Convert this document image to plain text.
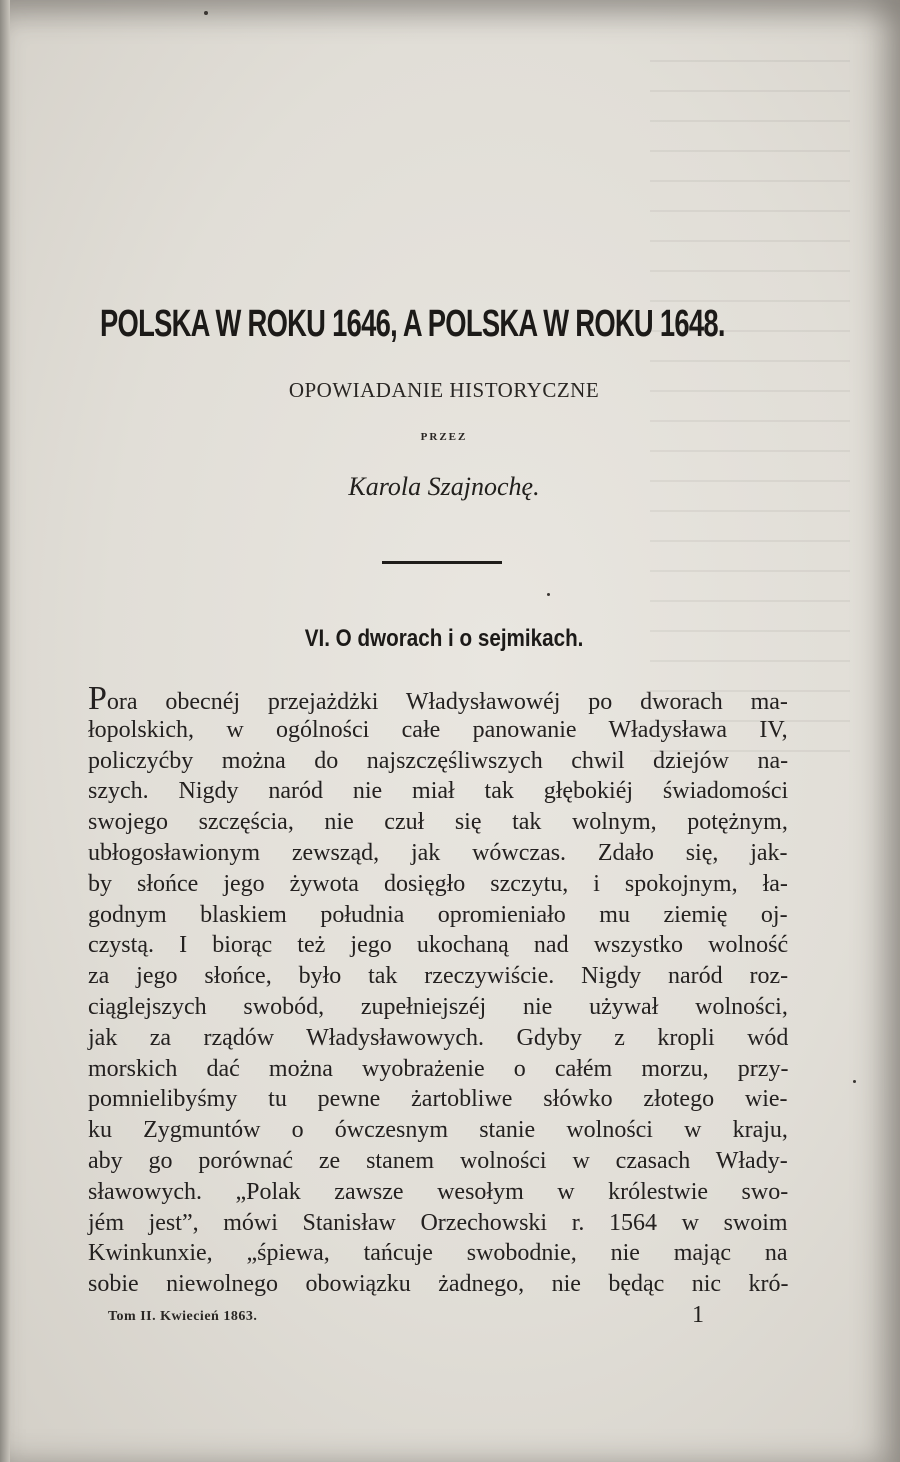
POLSKA W ROKU 1646, A POLSKA W ROKU 1648.

OPOWIADANIE HISTORYCZNE

PRZEZ

Karola Szajnochę.

VI. O dworach i o sejmikach.
Pora obecnéj przejażdżki Władysławowéj po dworach ma-
łopolskich, w ogólności całe panowanie Władysława IV,
policzyćby można do najszczęśliwszych chwil dziejów na-
szych. Nigdy naród nie miał tak głębokiéj świadomości
swojego szczęścia, nie czuł się tak wolnym, potężnym,
ubłogosławionym zewsząd, jak wówczas. Zdało się, jak-
by słońce jego żywota dosięgło szczytu, i spokojnym, ła-
godnym blaskiem południa opromieniało mu ziemię oj-
czystą. I biorąc też jego ukochaną nad wszystko wolność
za jego słońce, było tak rzeczywiście. Nigdy naród roz-
ciąglejszych swobód, zupełniejszéj nie używał wolności,
jak za rządów Władysławowych. Gdyby z kropli wód
morskich dać można wyobrażenie o całém morzu, przy-
pomnielibyśmy tu pewne żartobliwe słówko złotego wie-
ku Zygmuntów o ówczesnym stanie wolności w kraju,
aby go porównać ze stanem wolności w czasach Włady-
sławowych. „Polak zawsze wesołym w królestwie swo-
jém jest”, mówi Stanisław Orzechowski r. 1564 w swoim
Kwinkunxie, „śpiewa, tańcuje swobodnie, nie mając na
sobie niewolnego obowiązku żadnego, nie będąc nic kró-

Tom II. Kwiecień 1863.	1
